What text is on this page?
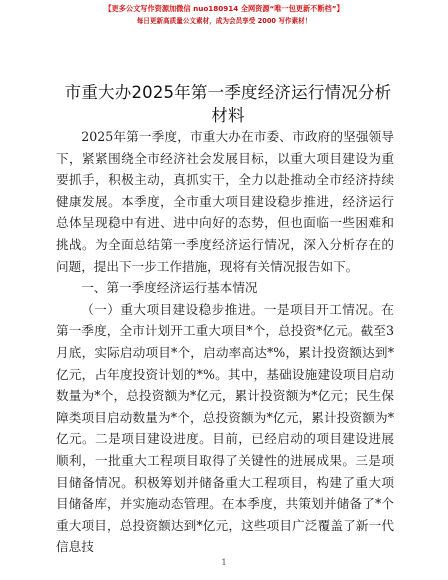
【更多公文写作资源加微信 nuo180914 全网资源“唯一包更新不断档”】
每日更新高质量公文素材，成为会员享受 2000 写作素材！
市重大办2025年第一季度经济运行情况分析材料

2025年第一季度，市重大办在市委、市政府的坚强领导下，紧紧围绕全市经济社会发展目标，以重大项目建设为重要抓手，积极主动，真抓实干，全力以赴推动全市经济持续健康发展。本季度，全市重大项目建设稳步推进，经济运行总体呈现稳中有进、进中向好的态势，但也面临一些困难和挑战。为全面总结第一季度经济运行情况，深入分析存在的问题，提出下一步工作措施，现将有关情况报告如下。

一、第一季度经济运行基本情况

（一）重大项目建设稳步推进。一是项目开工情况。在第一季度，全市计划开工重大项目*个，总投资*亿元。截至3月底，实际启动项目*个，启动率高达*%，累计投资额达到*亿元，占年度投资计划的*%。其中，基础设施建设项目启动数量为*个，总投资额为*亿元，累计投资额为*亿元；民生保障类项目启动数量为*个，总投资额为*亿元，累计投资额为*亿元。二是项目建设进度。目前，已经启动的项目建设进展顺利，一批重大工程项目取得了关键性的进展成果。三是项目储备情况。积极筹划并储备重大工程项目，构建了重大项目储备库，并实施动态管理。在本季度，共策划并储备了*个重大项目，总投资额达到*亿元，这些项目广泛覆盖了新一代信息技

1
